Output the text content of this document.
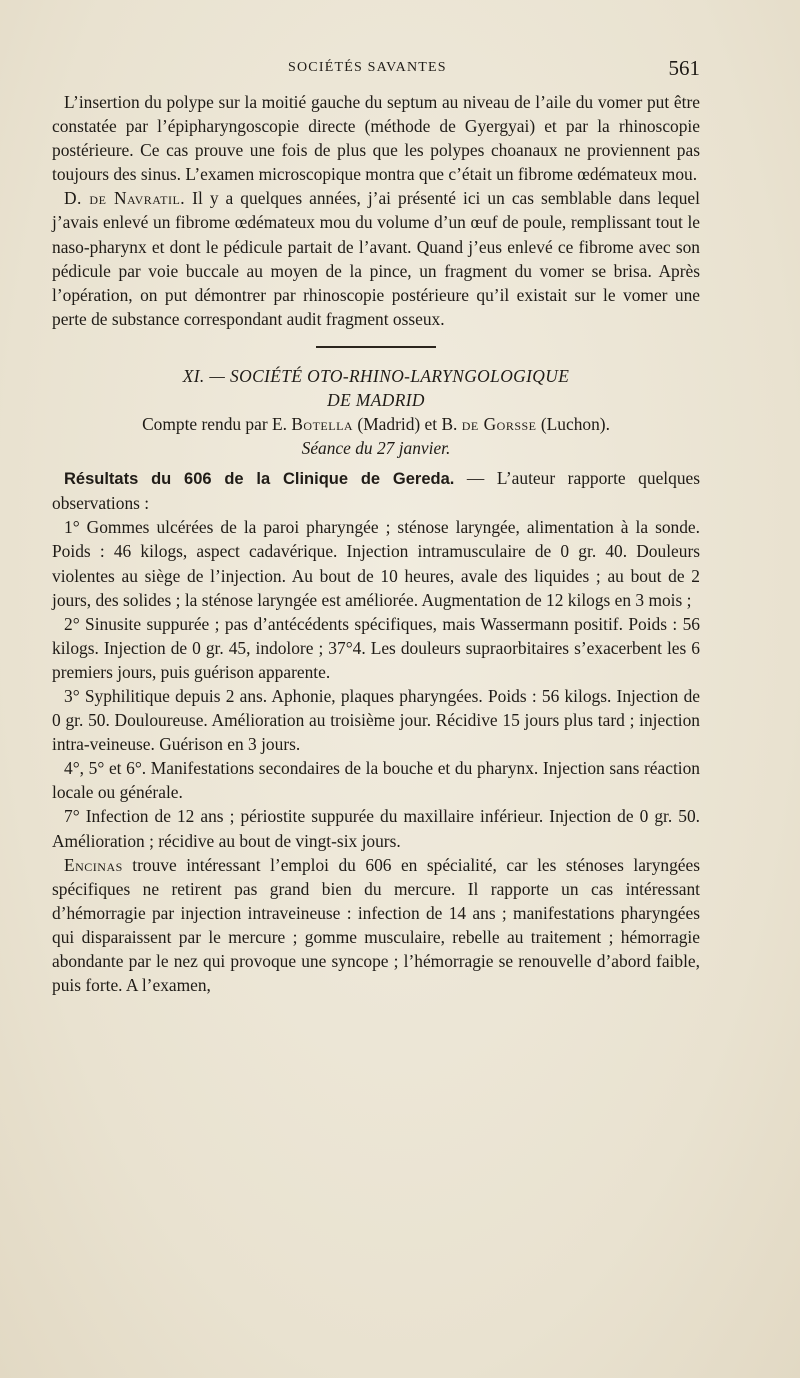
SOCIÉTÉS SAVANTES	561

L’insertion du polype sur la moitié gauche du septum au niveau de l’aile du vomer put être constatée par l’épipharyngoscopie directe (méthode de Gyergyai) et par la rhinoscopie postérieure. Ce cas prouve une fois de plus que les polypes choanaux ne proviennent pas toujours des sinus. L’examen microscopique montra que c’était un fibrome œdémateux mou.

D. de Navratil. Il y a quelques années, j’ai présenté ici un cas semblable dans lequel j’avais enlevé un fibrome œdémateux mou du volume d’un œuf de poule, remplissant tout le naso-pharynx et dont le pédicule partait de l’avant. Quand j’eus enlevé ce fibrome avec son pédicule par voie buccale au moyen de la pince, un fragment du vomer se brisa. Après l’opération, on put démontrer par rhinoscopie postérieure qu’il existait sur le vomer une perte de substance correspondant audit fragment osseux.

XI. — SOCIÉTÉ OTO-RHINO-LARYNGOLOGIQUE
DE MADRID
Compte rendu par E. Botella (Madrid) et B. de Gorsse (Luchon).
Séance du 27 janvier.

Résultats du 606 de la Clinique de Gereda. — L’auteur rapporte quelques observations :

1° Gommes ulcérées de la paroi pharyngée ; sténose laryngée, alimentation à la sonde. Poids : 46 kilogs, aspect cadavérique. Injection intramusculaire de 0 gr. 40. Douleurs violentes au siège de l’injection. Au bout de 10 heures, avale des liquides ; au bout de 2 jours, des solides ; la sténose laryngée est améliorée. Augmentation de 12 kilogs en 3 mois ;

2° Sinusite suppurée ; pas d’antécédents spécifiques, mais Wassermann positif. Poids : 56 kilogs. Injection de 0 gr. 45, indolore ; 37°4. Les douleurs supraorbitaires s’exacerbent les 6 premiers jours, puis guérison apparente.

3° Syphilitique depuis 2 ans. Aphonie, plaques pharyngées. Poids : 56 kilogs. Injection de 0 gr. 50. Douloureuse. Amélioration au troisième jour. Récidive 15 jours plus tard ; injection intra-veineuse. Guérison en 3 jours.

4°, 5° et 6°. Manifestations secondaires de la bouche et du pharynx. Injection sans réaction locale ou générale.

7° Infection de 12 ans ; périostite suppurée du maxillaire inférieur. Injection de 0 gr. 50. Amélioration ; récidive au bout de vingt-six jours.

Encinas trouve intéressant l’emploi du 606 en spécialité, car les sténoses laryngées spécifiques ne retirent pas grand bien du mercure. Il rapporte un cas intéressant d’hémorragie par injection intraveineuse : infection de 14 ans ; manifestations pharyngées qui disparaissent par le mercure ; gomme musculaire, rebelle au traitement ; hémorragie abondante par le nez qui provoque une syncope ; l’hémorragie se renouvelle d’abord faible, puis forte. A l’examen,
